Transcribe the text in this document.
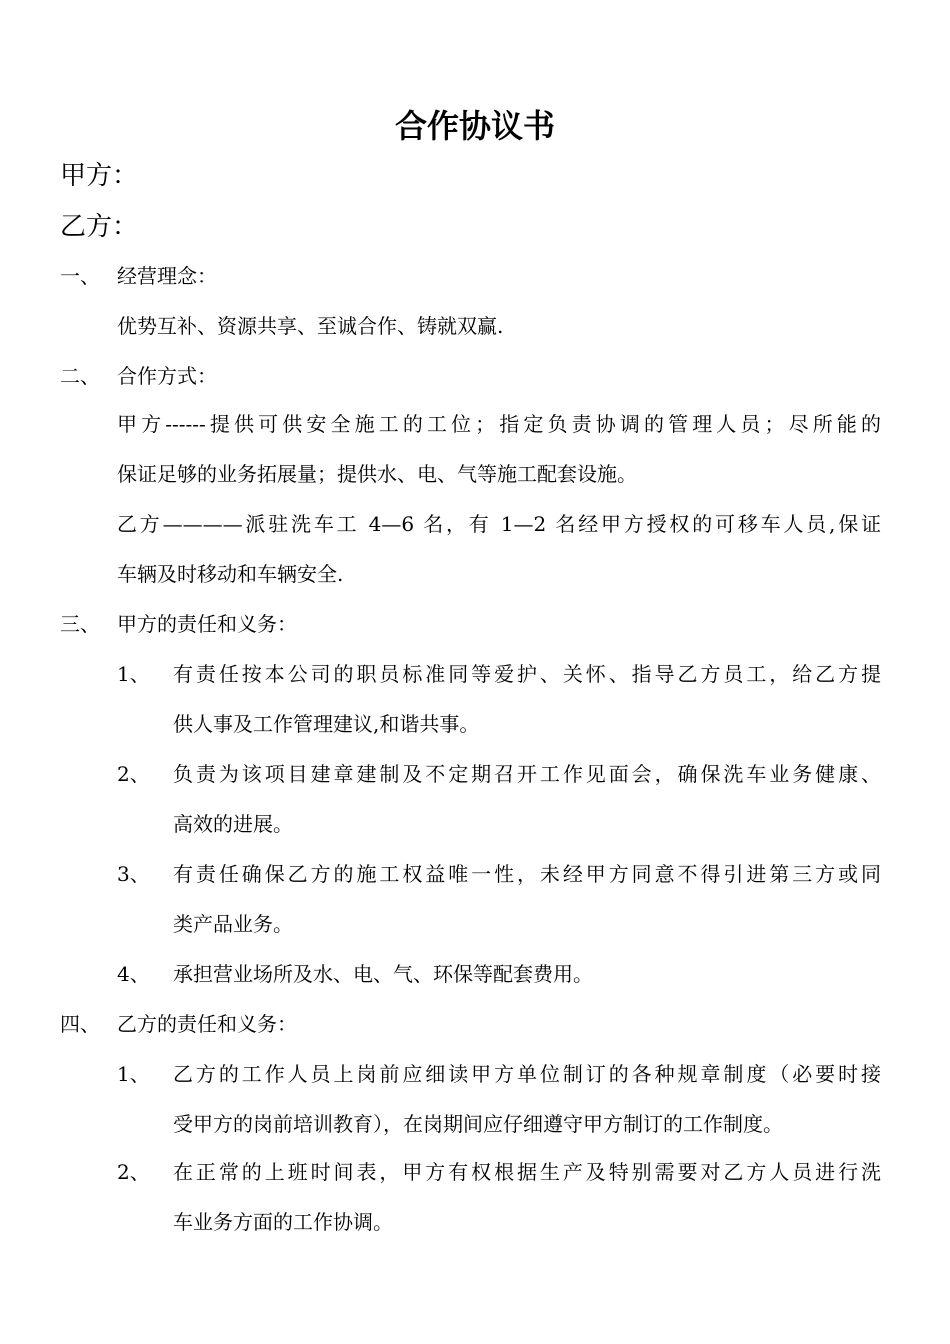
合作协议书
甲方：
乙方：
一、 经营理念：
优势互补、资源共享、至诚合作、铸就双赢.
二、 合作方式：
甲方------提供可供安全施工的工位；指定负责协调的管理人员；尽所能的
保证足够的业务拓展量；提供水、电、气等施工配套设施。
乙方————派驻洗车工 4—6 名，有 1—2 名经甲方授权的可移车人员,保证
车辆及时移动和车辆安全.
三、 甲方的责任和义务：
1、 有责任按本公司的职员标准同等爱护、关怀、指导乙方员工，给乙方提
供人事及工作管理建议,和谐共事。
2、 负责为该项目建章建制及不定期召开工作见面会，确保洗车业务健康、
高效的进展。
3、 有责任确保乙方的施工权益唯一性，未经甲方同意不得引进第三方或同
类产品业务。
4、 承担营业场所及水、电、气、环保等配套费用。
四、 乙方的责任和义务：
1、 乙方的工作人员上岗前应细读甲方单位制订的各种规章制度（必要时接
受甲方的岗前培训教育），在岗期间应仔细遵守甲方制订的工作制度。
2、 在正常的上班时间表，甲方有权根据生产及特别需要对乙方人员进行洗
车业务方面的工作协调。
